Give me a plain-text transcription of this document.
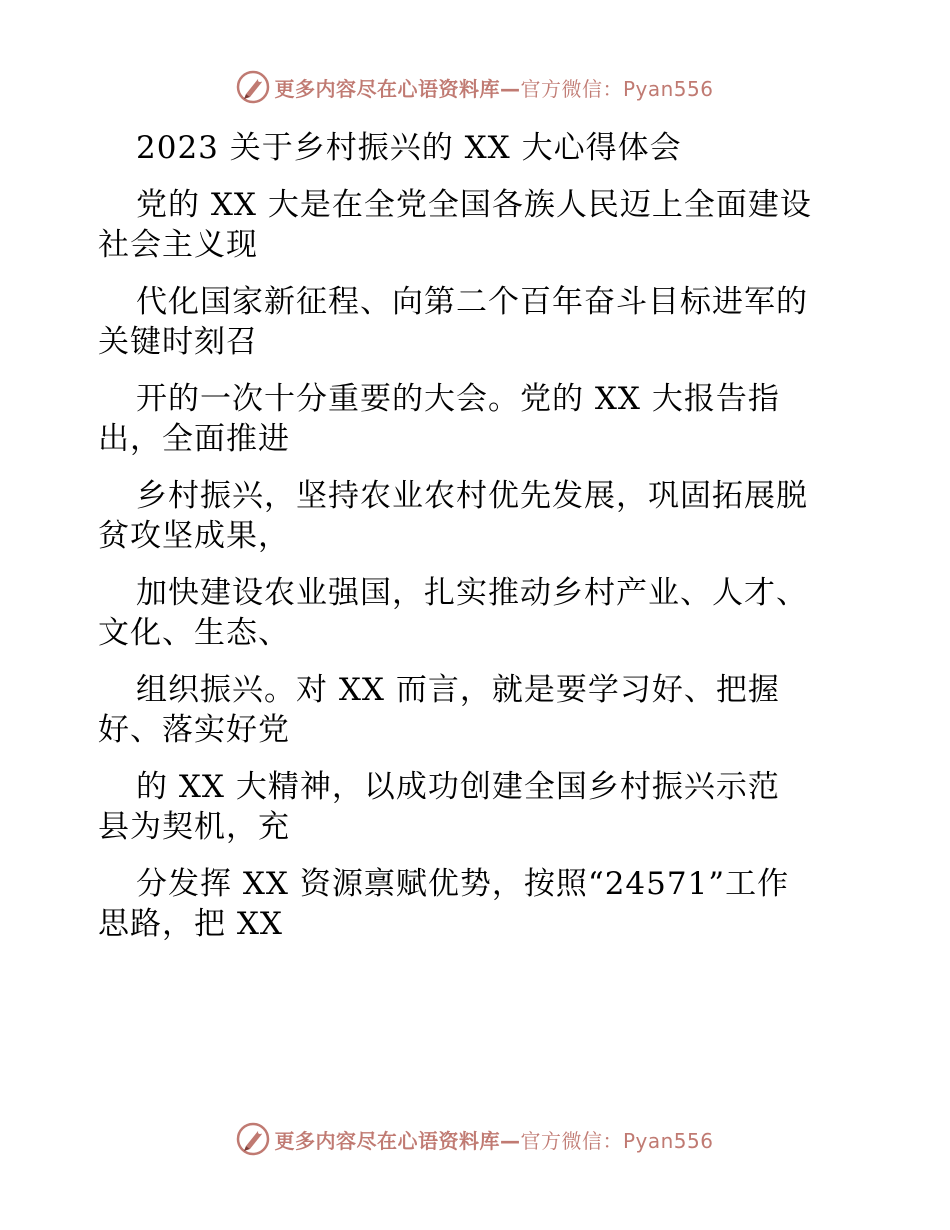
更多内容尽在心语资料库—官方微信：Pyan556
2023 关于乡村振兴的 XX 大心得体会
党的 XX 大是在全党全国各族人民迈上全面建设
社会主义现
代化国家新征程、向第二个百年奋斗目标进军的
关键时刻召
开的一次十分重要的大会。党的 XX 大报告指
出，全面推进
乡村振兴，坚持农业农村优先发展，巩固拓展脱
贫攻坚成果，
加快建设农业强国，扎实推动乡村产业、人才、
文化、生态、
组织振兴。对 XX 而言，就是要学习好、把握
好、落实好党
的 XX 大精神，以成功创建全国乡村振兴示范
县为契机，充
分发挥 XX 资源禀赋优势，按照“24571”工作
思路，把 XX
更多内容尽在心语资料库—官方微信：Pyan556
